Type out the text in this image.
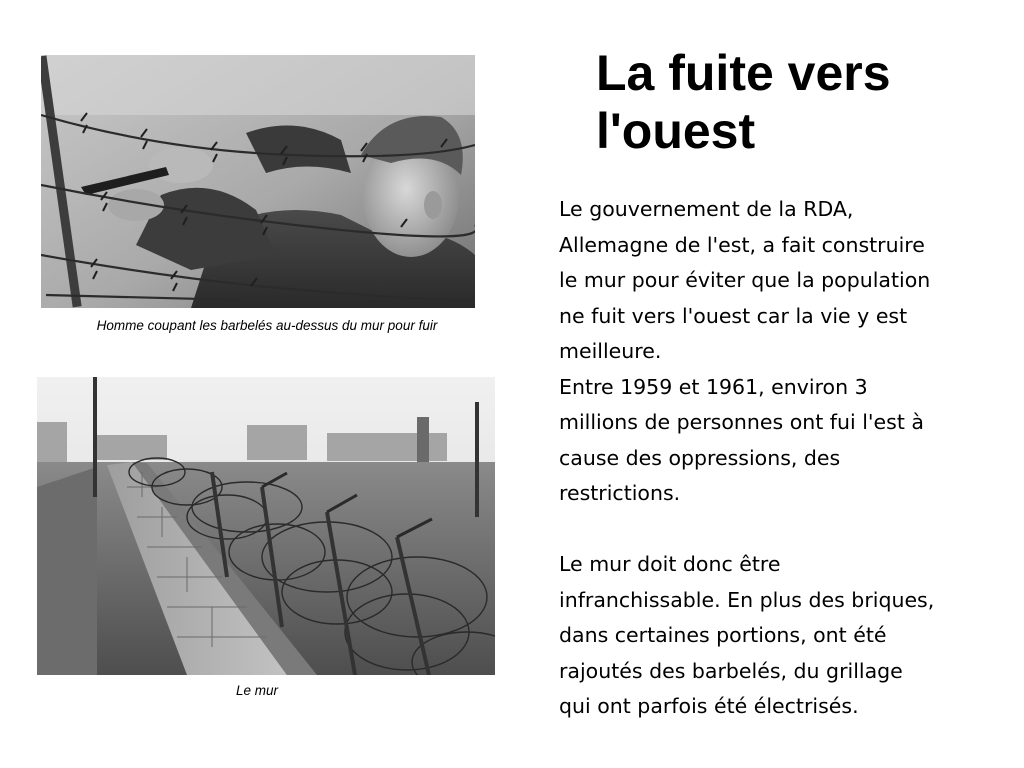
Homme coupant les barbelés au-dessus du mur pour fuir
Le mur
La fuite vers
l'ouest

Le gouvernement de la RDA,

Allemagne de l'est, a fait construire

le mur pour éviter que la population

ne fuit vers l'ouest car la vie y est

meilleure.

Entre 1959 et 1961, environ 3

millions de personnes ont fui l'est à

cause des oppressions, des

restrictions.

Le mur doit donc être

infranchissable. En plus des briques,

dans certaines portions, ont été

rajoutés des barbelés, du grillage

qui ont parfois été électrisés.
